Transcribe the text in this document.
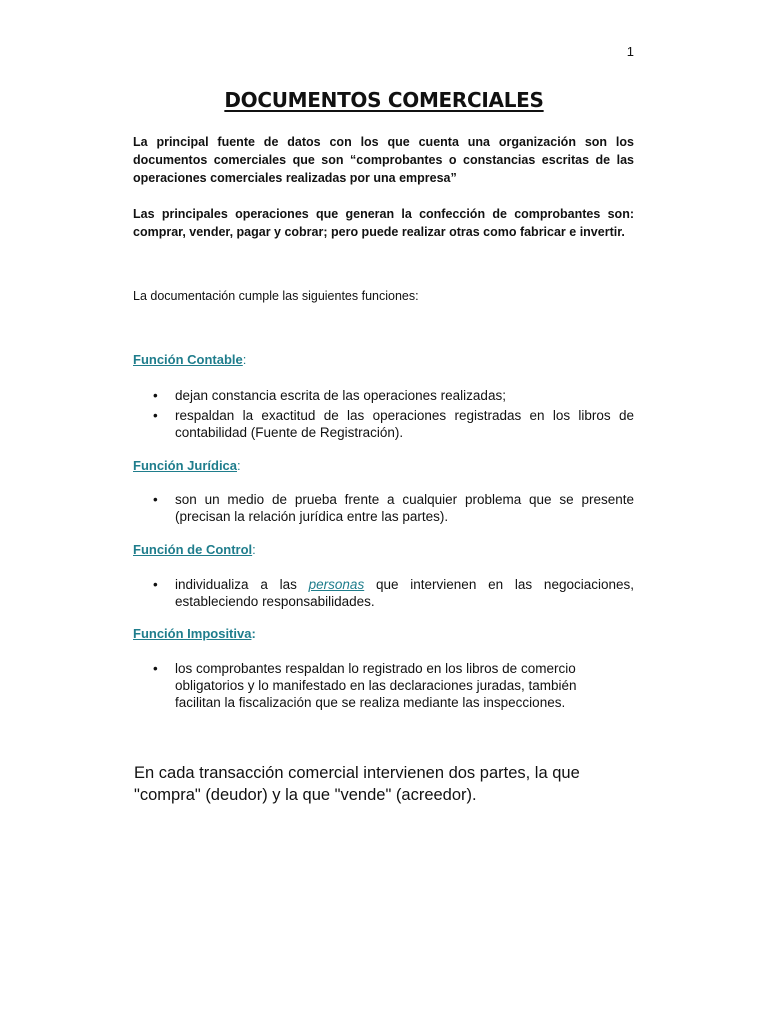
1
DOCUMENTOS COMERCIALES
La principal fuente de datos con los que cuenta una organización son los documentos comerciales que son “comprobantes o constancias escritas de las operaciones comerciales realizadas por una empresa”
Las principales operaciones que generan la confección de comprobantes son: comprar, vender, pagar y cobrar; pero puede realizar otras como fabricar e invertir.
La documentación cumple las siguientes funciones:
Función Contable:
• dejan constancia escrita de las operaciones realizadas;
• respaldan la exactitud de las operaciones registradas en los libros de contabilidad (Fuente de Registración).
Función Jurídica:
• son un medio de prueba frente a cualquier problema que se presente (precisan la relación jurídica entre las partes).
Función de Control:
• individualiza a las personas que intervienen en las negociaciones, estableciendo responsabilidades.
Función Impositiva:
• los comprobantes respaldan lo registrado en los libros de comercio
obligatorios y lo manifestado en las declaraciones juradas, también
facilitan la fiscalización que se realiza mediante las inspecciones.
En cada transacción comercial intervienen dos partes, la que "compra" (deudor) y la que "vende" (acreedor).
